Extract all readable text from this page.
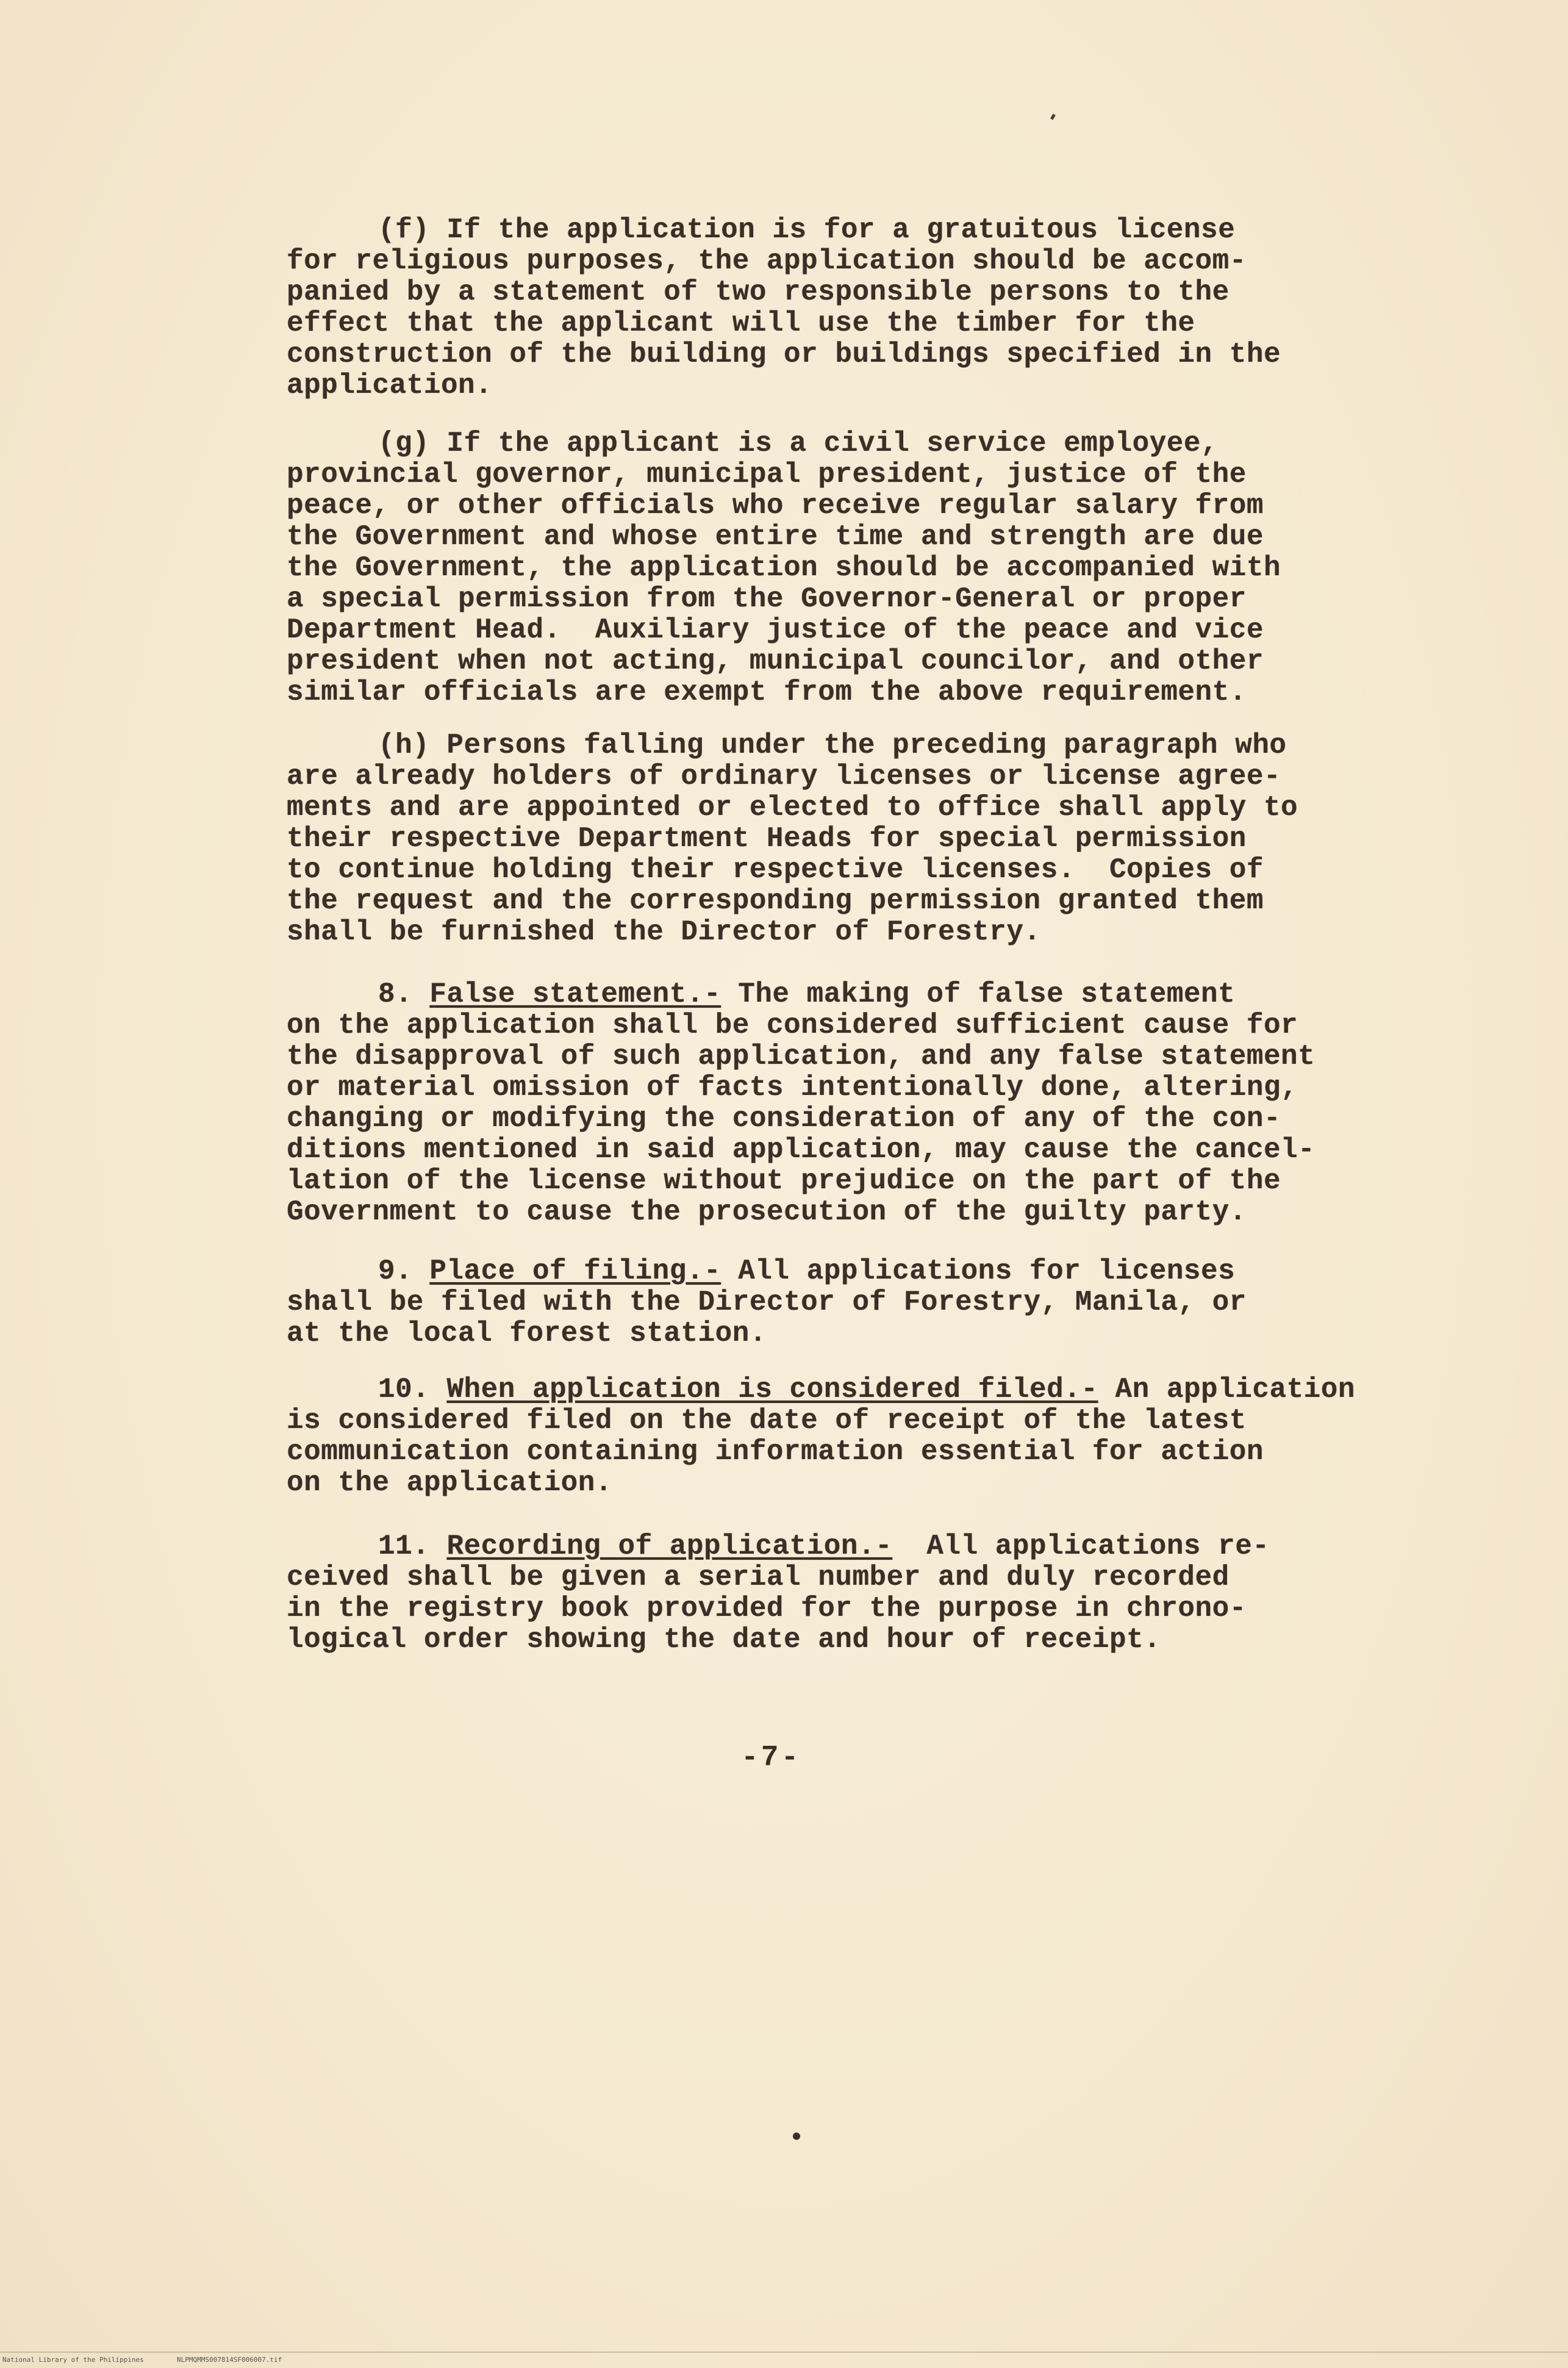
(f) If the application is for a gratuitous license
for religious purposes, the application should be accom-
panied by a statement of two responsible persons to the
effect that the applicant will use the timber for the
construction of the building or buildings specified in the
application.
(g) If the applicant is a civil service employee,
provincial governor, municipal president, justice of the
peace, or other officials who receive regular salary from
the Government and whose entire time and strength are due
the Government, the application should be accompanied with
a special permission from the Governor-General or proper
Department Head.  Auxiliary justice of the peace and vice
president when not acting, municipal councilor, and other
similar officials are exempt from the above requirement.
(h) Persons falling under the preceding paragraph who
are already holders of ordinary licenses or license agree-
ments and are appointed or elected to office shall apply to
their respective Department Heads for special permission
to continue holding their respective licenses.  Copies of
the request and the corresponding permission granted them
shall be furnished the Director of Forestry.
8. False statement.- The making of false statement
on the application shall be considered sufficient cause for
the disapproval of such application, and any false statement
or material omission of facts intentionally done, altering,
changing or modifying the consideration of any of the con-
ditions mentioned in said application, may cause the cancel-
lation of the license without prejudice on the part of the
Government to cause the prosecution of the guilty party.
9. Place of filing.- All applications for licenses
shall be filed with the Director of Forestry, Manila, or
at the local forest station.
10. When application is considered filed.- An application
is considered filed on the date of receipt of the latest
communication containing information essential for action
on the application.
11. Recording of application.-  All applications re-
ceived shall be given a serial number and duly recorded
in the registry book provided for the purpose in chrono-
logical order showing the date and hour of receipt.
-7-
National Library of the Philippines	NLPMQMMS007814SF006007.tif
